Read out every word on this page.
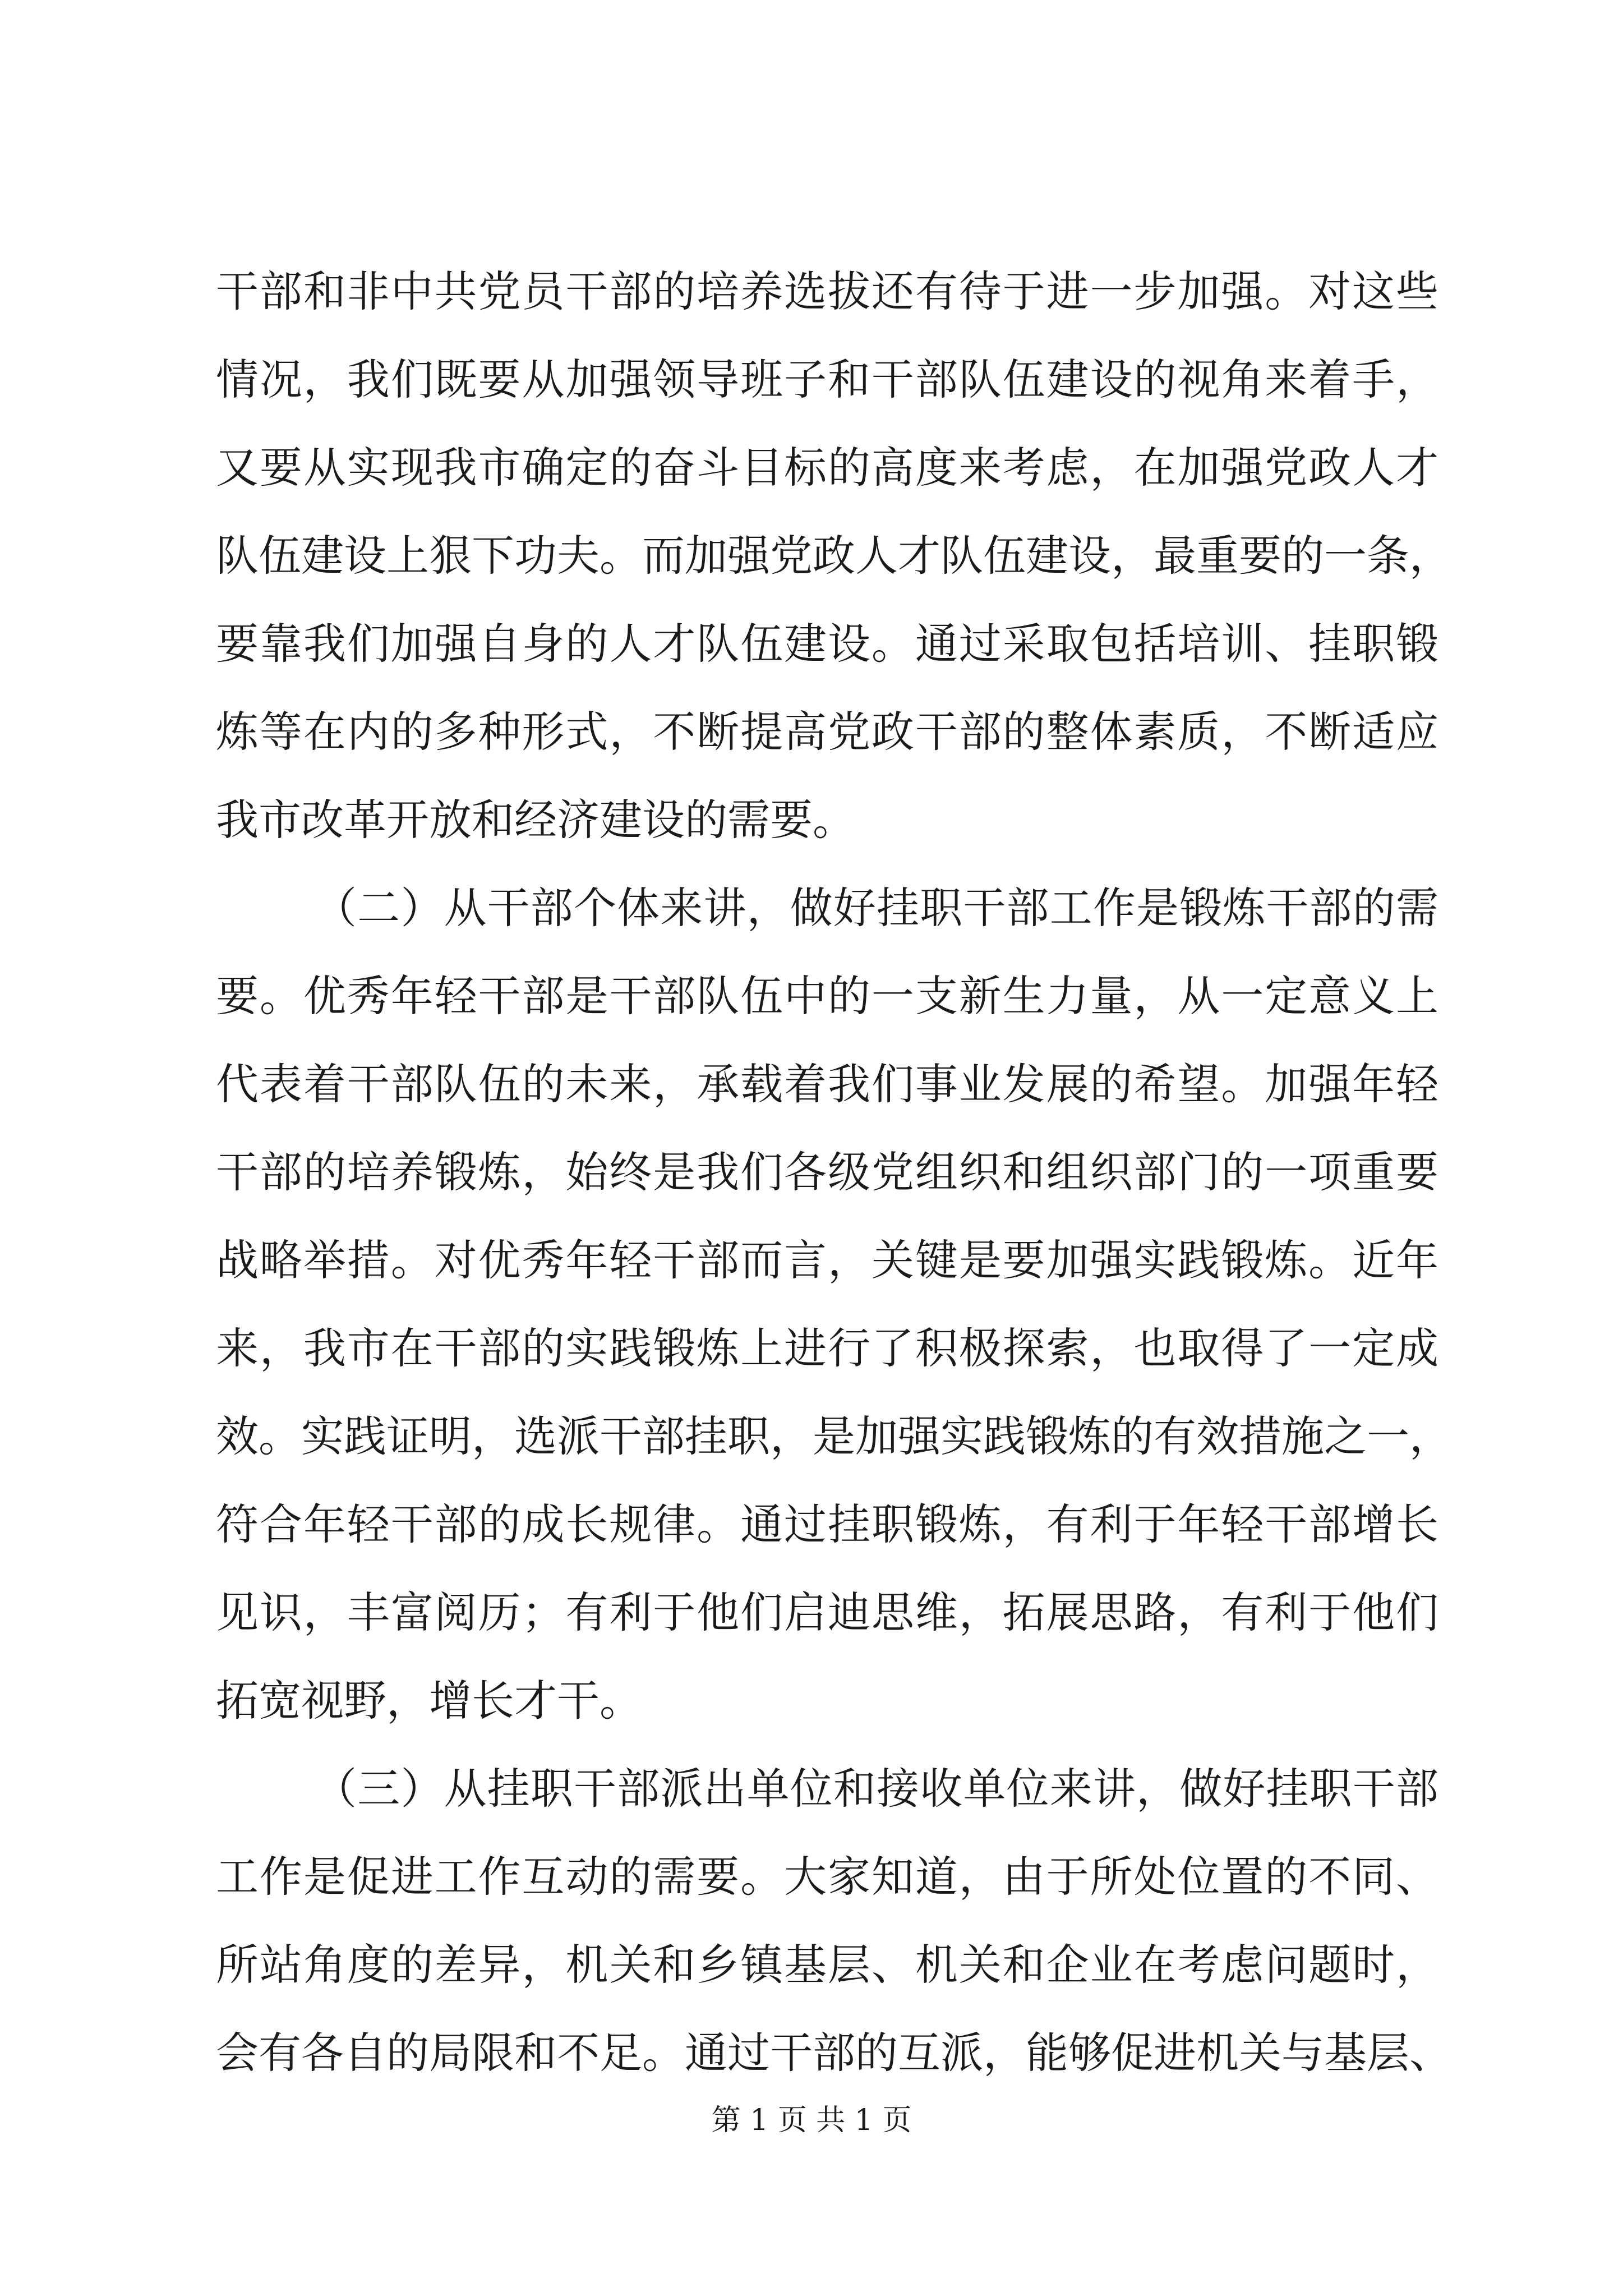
干部和非中共党员干部的培养选拔还有待于进一步加强。对这些
情况，我们既要从加强领导班子和干部队伍建设的视角来着手，
又要从实现我市确定的奋斗目标的高度来考虑，在加强党政人才
队伍建设上狠下功夫。而加强党政人才队伍建设，最重要的一条，
要靠我们加强自身的人才队伍建设。通过采取包括培训、挂职锻
炼等在内的多种形式，不断提高党政干部的整体素质，不断适应
我市改革开放和经济建设的需要。
（二）从干部个体来讲，做好挂职干部工作是锻炼干部的需
要。优秀年轻干部是干部队伍中的一支新生力量，从一定意义上
代表着干部队伍的未来，承载着我们事业发展的希望。加强年轻
干部的培养锻炼，始终是我们各级党组织和组织部门的一项重要
战略举措。对优秀年轻干部而言，关键是要加强实践锻炼。近年
来，我市在干部的实践锻炼上进行了积极探索，也取得了一定成
效。实践证明，选派干部挂职，是加强实践锻炼的有效措施之一，
符合年轻干部的成长规律。通过挂职锻炼，有利于年轻干部增长
见识，丰富阅历；有利于他们启迪思维，拓展思路，有利于他们
拓宽视野，增长才干。
（三）从挂职干部派出单位和接收单位来讲，做好挂职干部
工作是促进工作互动的需要。大家知道，由于所处位置的不同、
所站角度的差异，机关和乡镇基层、机关和企业在考虑问题时，
会有各自的局限和不足。通过干部的互派，能够促进机关与基层、
第 1 页 共 1 页
